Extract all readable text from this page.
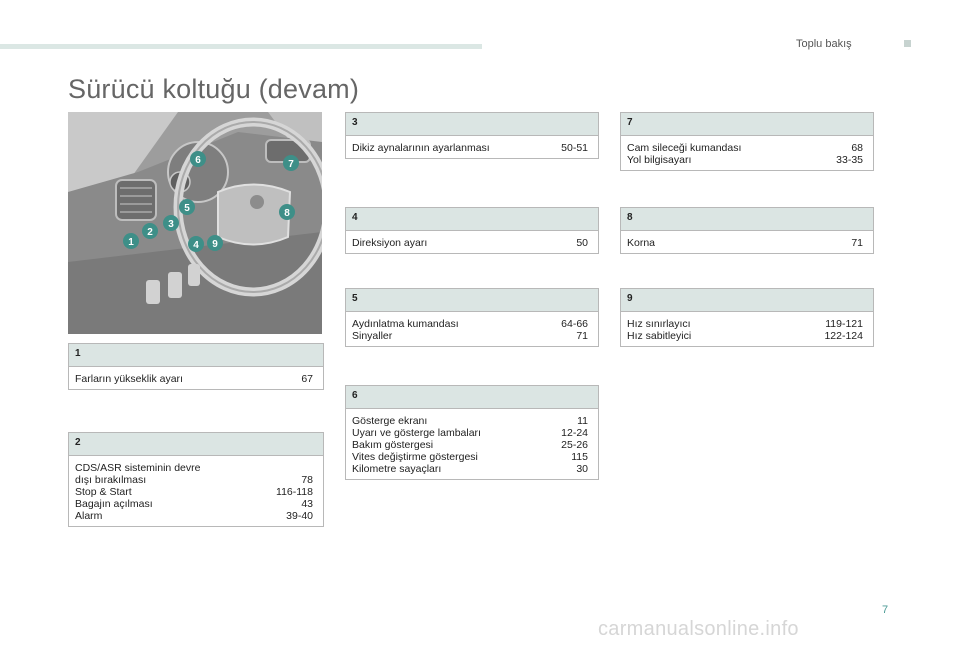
Toplu bakış
Sürücü koltuğu (devam)
1
2
3
4
5
6	7
8
9
1
Farların yükseklik ayarı	67
2
CDS/ASR sisteminin devre
dışı bırakılması	78
Stop & Start	116-118
Bagajın açılması	43
Alarm	39-40
3
Dikiz aynalarının ayarlanması	50-51
4
Direksiyon ayarı	50
5
Aydınlatma kumandası	64-66
Sinyaller	71
6
Gösterge ekranı	11
Uyarı ve gösterge lambaları	12-24
Bakım göstergesi	25-26
Vites değiştirme göstergesi	115
Kilometre sayaçları	30
7
Cam sileceği kumandası	68
Yol bilgisayarı	33-35
8
Korna	71
9
Hız sınırlayıcı	119-121
Hız sabitleyici	122-124
7
carmanualsonline.info
